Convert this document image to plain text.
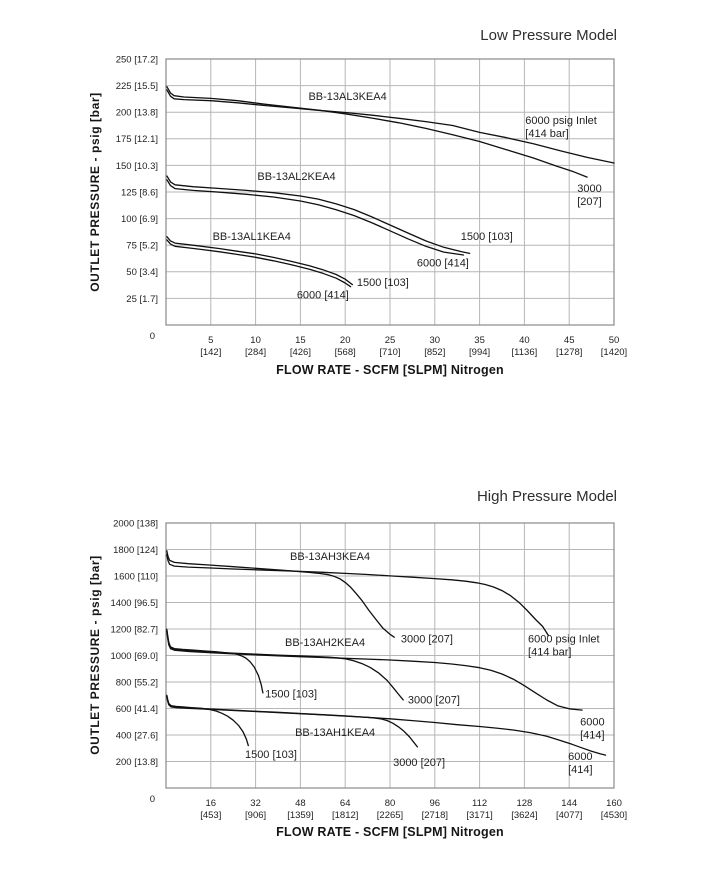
250 [17.2]
225 [15.5]
200 [13.8]
175 [12.1]
150 [10.3]
125 [8.6]
100 [6.9]
75 [5.2]
50 [3.4]
25 [1.7]
0	5
[142]
10
[284]
15
[426]
20
[568]
25
[710]
30
[852]
35
[994]
40
[1136]
45
[1278]
50
[1420]
BB-13AL3KEA4
BB-13AL2KEA4
BB-13AL1KEA4
6000 psig Inlet
[414 bar]
3000
[207]
1500 [103]
6000 [414]
1500 [103]
6000 [414]
2000 [138]
1800 [124]
1600 [110]
1400 [96.5]
1200 [82.7]
1000 [69.0]
800 [55.2]
600 [41.4]
400 [27.6]
200 [13.8]
0	16
[453]
32
[906]
48
[1359]
64
[1812]
80
[2265]
96
[2718]
112
[3171]
128
[3624]
144
[4077]
160
[4530]
BB-13AH3KEA4
BB-13AH2KEA4
BB-13AH1KEA4
3000 [207]	6000 psig Inlet
[414 bar]
1500 [103]	3000 [207]
6000
[414]
1500 [103]
3000 [207]
6000
[414]
Low Pressure Model
High Pressure Model
FLOW RATE - SCFM [SLPM] Nitrogen
FLOW RATE - SCFM [SLPM] Nitrogen
OUTLET PRESSURE - psig [bar]
OUTLET PRESSURE - psig [bar]
